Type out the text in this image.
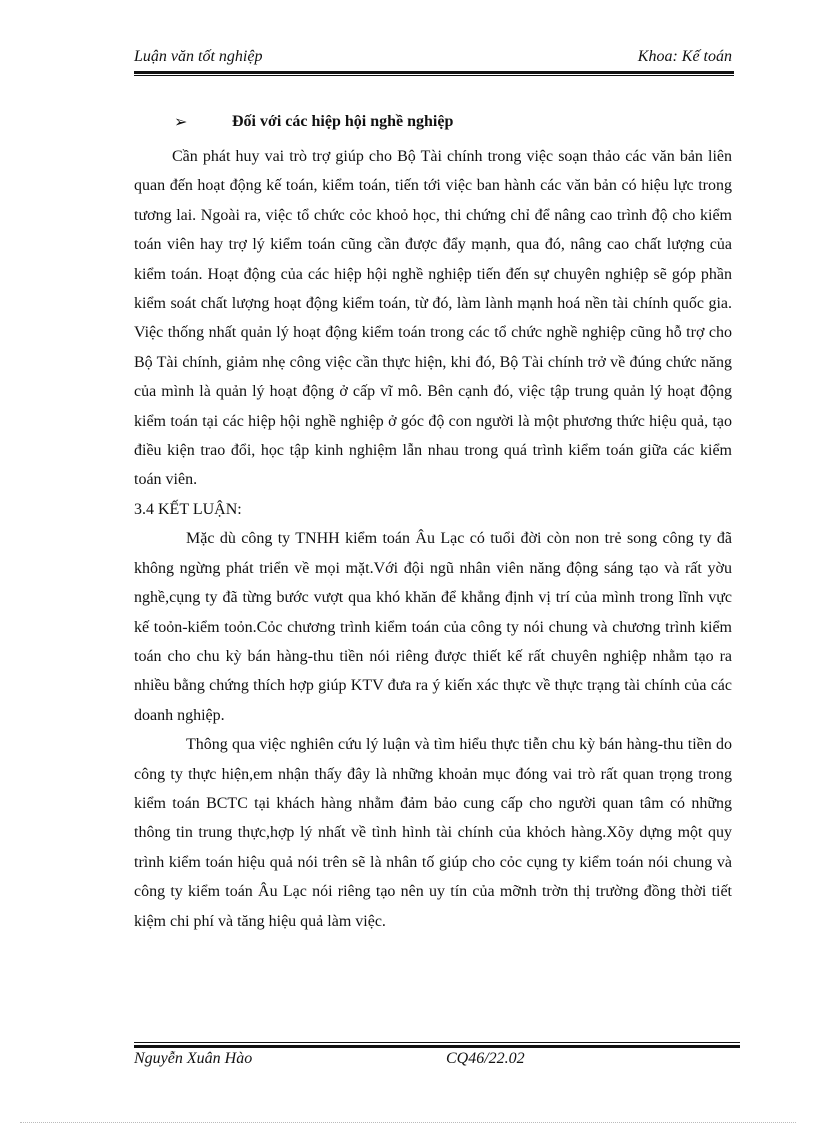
Luận văn tốt nghiệp	Khoa: Kế toán
➢	Đối với các hiệp hội nghề nghiệp

Cần phát huy vai trò trợ giúp cho Bộ Tài chính trong việc soạn thảo các văn bản liên quan đến hoạt động kế toán, kiểm toán, tiến tới việc ban hành các văn bản có hiệu lực trong tương lai. Ngoài ra, việc tổ chức cỏc khoỏ học, thi chứng chỉ để nâng cao trình độ cho kiểm toán viên hay trợ lý kiểm toán cũng cần được đẩy mạnh, qua đó, nâng cao chất lượng của kiểm toán. Hoạt động của các hiệp hội nghề nghiệp tiến đến sự chuyên nghiệp sẽ góp phần kiểm soát chất lượng hoạt động kiểm toán, từ đó, làm lành mạnh hoá nền tài chính quốc gia. Việc thống nhất quản lý hoạt động kiểm toán trong các tổ chức nghề nghiệp cũng hỗ trợ cho Bộ Tài chính, giảm nhẹ công việc cần thực hiện, khi đó, Bộ Tài chính trở về đúng chức năng của mình là quản lý hoạt động ở cấp vĩ mô. Bên cạnh đó, việc tập trung quản lý hoạt động kiểm toán tại các hiệp hội nghề nghiệp ở góc độ con người là một phương thức hiệu quả, tạo điều kiện trao đổi, học tập kinh nghiệm lẫn nhau trong quá trình kiểm toán giữa các kiểm toán viên.

3.4 KẾT LUẬN:

Mặc dù công ty TNHH kiểm toán Âu Lạc có tuổi đời còn non trẻ song công ty đã không ngừng phát triển về mọi mặt.Với đội ngũ nhân viên năng động sáng tạo và rất yờu nghề,cụng ty đã từng bước vượt qua khó khăn để khẳng định vị trí của mình trong lĩnh vực kế toỏn-kiểm toỏn.Cỏc chương trình kiểm toán của công ty nói chung và chương trình kiểm toán cho chu kỳ bán hàng-thu tiền nói riêng được thiết kế rất chuyên nghiệp nhằm tạo ra nhiều bằng chứng thích hợp giúp KTV đưa ra ý kiến xác thực về thực trạng tài chính của các doanh nghiệp.

Thông qua việc nghiên cứu lý luận và tìm hiểu thực tiễn chu kỳ bán hàng-thu tiền do công ty thực hiện,em nhận thấy đây là những khoản mục đóng vai trò rất quan trọng trong kiểm toán BCTC tại khách hàng nhằm đảm bảo cung cấp cho người quan tâm có những thông tin trung thực,hợp lý nhất về tình hình tài chính của khỏch hàng.Xõy dựng một quy trình kiểm toán hiệu quả nói trên sẽ là nhân tố giúp cho cỏc cụng ty kiểm toán nói chung và công ty kiểm toán Âu Lạc nói riêng tạo nên uy tín của mỡnh trờn thị trường đồng thời tiết kiệm chi phí và tăng hiệu quả làm việc.

Nguyễn Xuân Hào	CQ46/22.02
